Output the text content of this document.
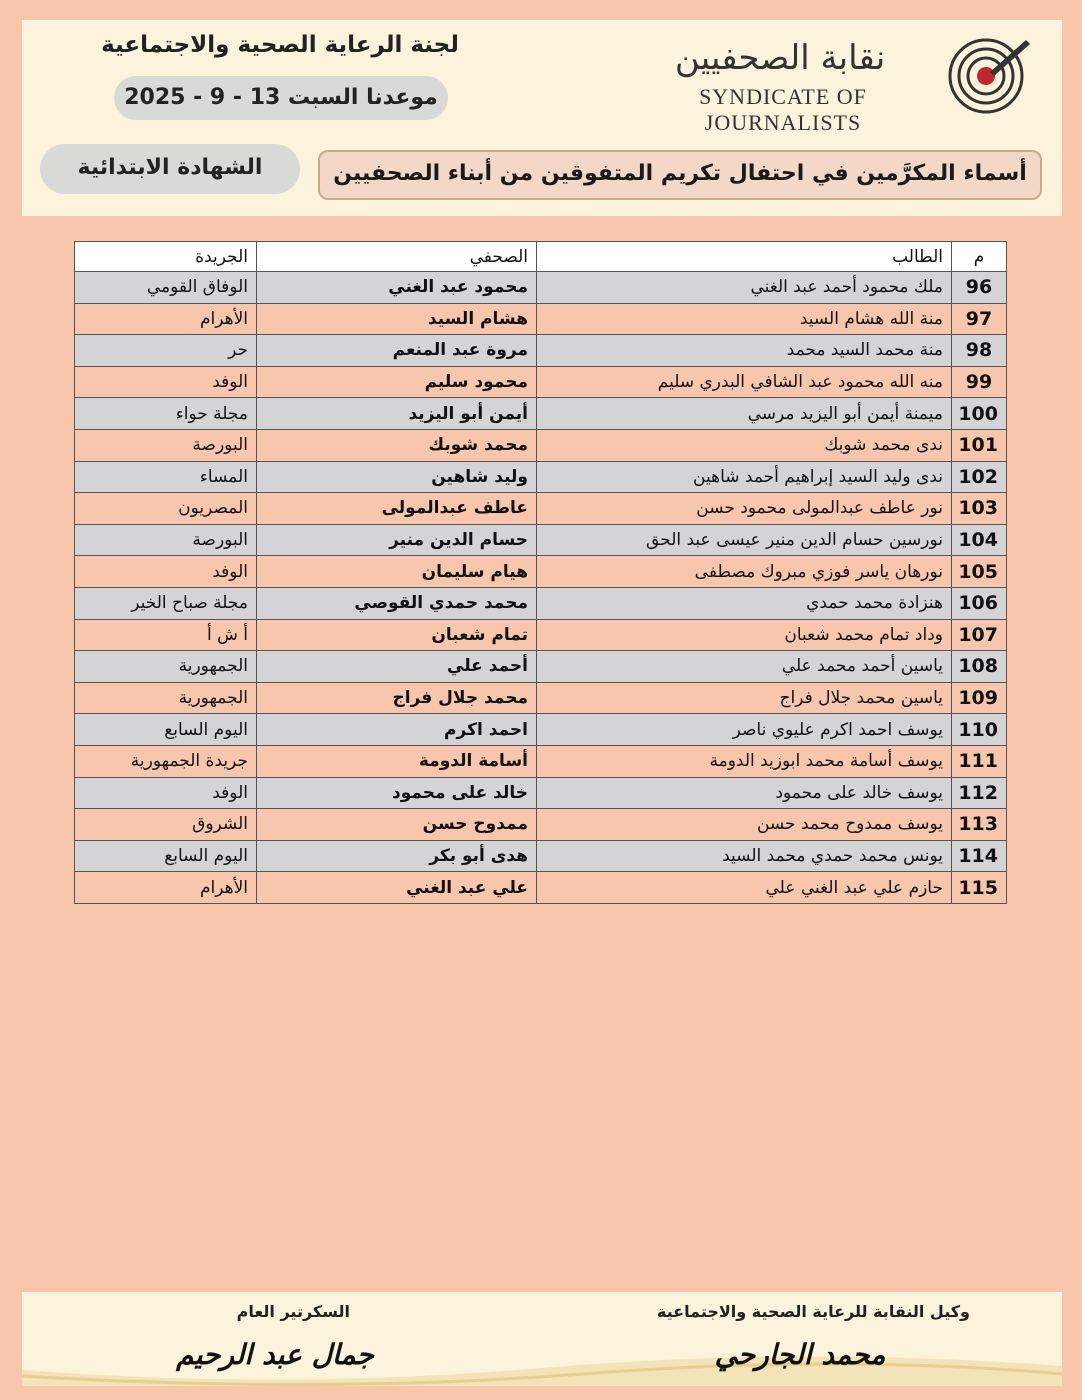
نقابة الصحفيين
SYNDICATE OF JOURNALISTS
لجنة الرعاية الصحية والاجتماعية
موعدنا السبت 13 - 9 - 2025
الشهادة الابتدائية	أسماء المكرَّمين في احتفال تكريم المتفوقين من أبناء الصحفيين
م	الطالب	الصحفي	الجريدة
96	ملك محمود أحمد عبد الغني	محمود عبد الغني	الوفاق القومي
97	منة الله هشام السيد	هشام السيد	الأهرام
98	منة محمد السيد محمد	مروة عبد المنعم	حر
99	منه الله محمود عبد الشافي البدري سليم	محمود سليم	الوفد
100	ميمنة أيمن أبو اليزيد مرسي	أيمن أبو اليزيد	مجلة حواء
101	ندى محمد شوبك	محمد شوبك	البورصة
102	ندى وليد السيد إبراهيم أحمد شاهين	وليد شاهين	المساء
103	نور عاطف عبدالمولى محمود حسن	عاطف عبدالمولى	المصريون
104	نورسين حسام الدين منير عيسى عبد الحق	حسام الدين منير	البورصة
105	نورهان ياسر فوزي مبروك مصطفى	هيام سليمان	الوفد
106	هنزادة محمد حمدي	محمد حمدي القوصي	مجلة صباح الخير
107	وداد تمام محمد شعبان	تمام شعبان	أ ش أ
108	ياسين أحمد محمد علي	أحمد علي	الجمهورية
109	ياسين محمد جلال فراج	محمد جلال فراج	الجمهورية
110	يوسف احمد اكرم عليوي ناصر	احمد اكرم	اليوم السابع
111	يوسف أسامة محمد ابوزيد الدومة	أسامة الدومة	جريدة الجمهورية
112	يوسف خالد على محمود	خالد على محمود	الوفد
113	يوسف ممدوح محمد حسن	ممدوح حسن	الشروق
114	يونس محمد حمدي محمد السيد	هدى أبو بكر	اليوم السابع
115	حازم علي عبد الغني علي	علي عبد الغني	الأهرام
وكيل النقابة للرعاية الصحية والاجتماعية
محمد الجارحي
السكرتير العام
جمال عبد الرحيم
